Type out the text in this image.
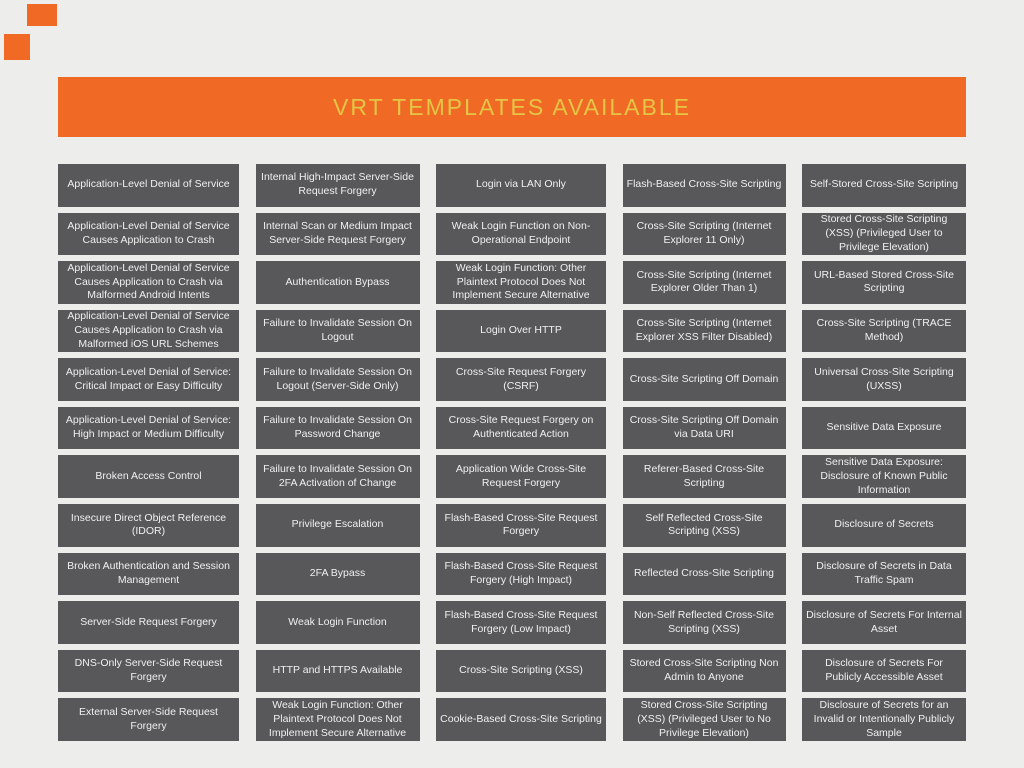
VRT TEMPLATES AVAILABLE
Application-Level Denial of Service
Application-Level Denial of Service Causes Application to Crash
Application-Level Denial of Service Causes Application to Crash via Malformed Android Intents
Application-Level Denial of Service Causes Application to Crash via Malformed iOS URL Schemes
Application-Level Denial of Service: Critical Impact or Easy Difficulty
Application-Level Denial of Service: High Impact or Medium Difficulty
Broken Access Control
Insecure Direct Object Reference (IDOR)
Broken Authentication and Session Management
Server-Side Request Forgery
DNS-Only Server-Side Request Forgery
External Server-Side Request Forgery
Internal High-Impact Server-Side Request Forgery
Internal Scan or Medium Impact Server-Side Request Forgery
Authentication Bypass
Failure to Invalidate Session On Logout
Failure to Invalidate Session On Logout (Server-Side Only)
Failure to Invalidate Session On Password Change
Failure to Invalidate Session On 2FA Activation of Change
Privilege Escalation
2FA Bypass
Weak Login Function
HTTP and HTTPS Available
Weak Login Function: Other Plaintext Protocol Does Not Implement Secure Alternative
Login via LAN Only
Weak Login Function on Non-Operational Endpoint
Weak Login Function: Other Plaintext Protocol Does Not Implement Secure Alternative
Login Over HTTP
Cross-Site Request Forgery (CSRF)
Cross-Site Request Forgery on Authenticated Action
Application Wide Cross-Site Request Forgery
Flash-Based Cross-Site Request Forgery
Flash-Based Cross-Site Request Forgery (High Impact)
Flash-Based Cross-Site Request Forgery (Low Impact)
Cross-Site Scripting (XSS)
Cookie-Based Cross-Site Scripting
Flash-Based Cross-Site Scripting
Cross-Site Scripting (Internet Explorer 11 Only)
Cross-Site Scripting (Internet Explorer Older Than 1)
Cross-Site Scripting (Internet Explorer XSS Filter Disabled)
Cross-Site Scripting Off Domain
Cross-Site Scripting Off Domain via Data URI
Referer-Based Cross-Site Scripting
Self Reflected Cross-Site Scripting (XSS)
Reflected Cross-Site Scripting
Non-Self Reflected Cross-Site Scripting (XSS)
Stored Cross-Site Scripting Non Admin to Anyone
Stored Cross-Site Scripting (XSS) (Privileged User to No Privilege Elevation)
Self-Stored Cross-Site Scripting
Stored Cross-Site Scripting (XSS) (Privileged User to Privilege Elevation)
URL-Based Stored Cross-Site Scripting
Cross-Site Scripting (TRACE Method)
Universal Cross-Site Scripting (UXSS)
Sensitive Data Exposure
Sensitive Data Exposure: Disclosure of Known Public Information
Disclosure of Secrets
Disclosure of Secrets in Data Traffic Spam
Disclosure of Secrets For Internal Asset
Disclosure of Secrets For Publicly Accessible Asset
Disclosure of Secrets for an Invalid or Intentionally Publicly Sample
